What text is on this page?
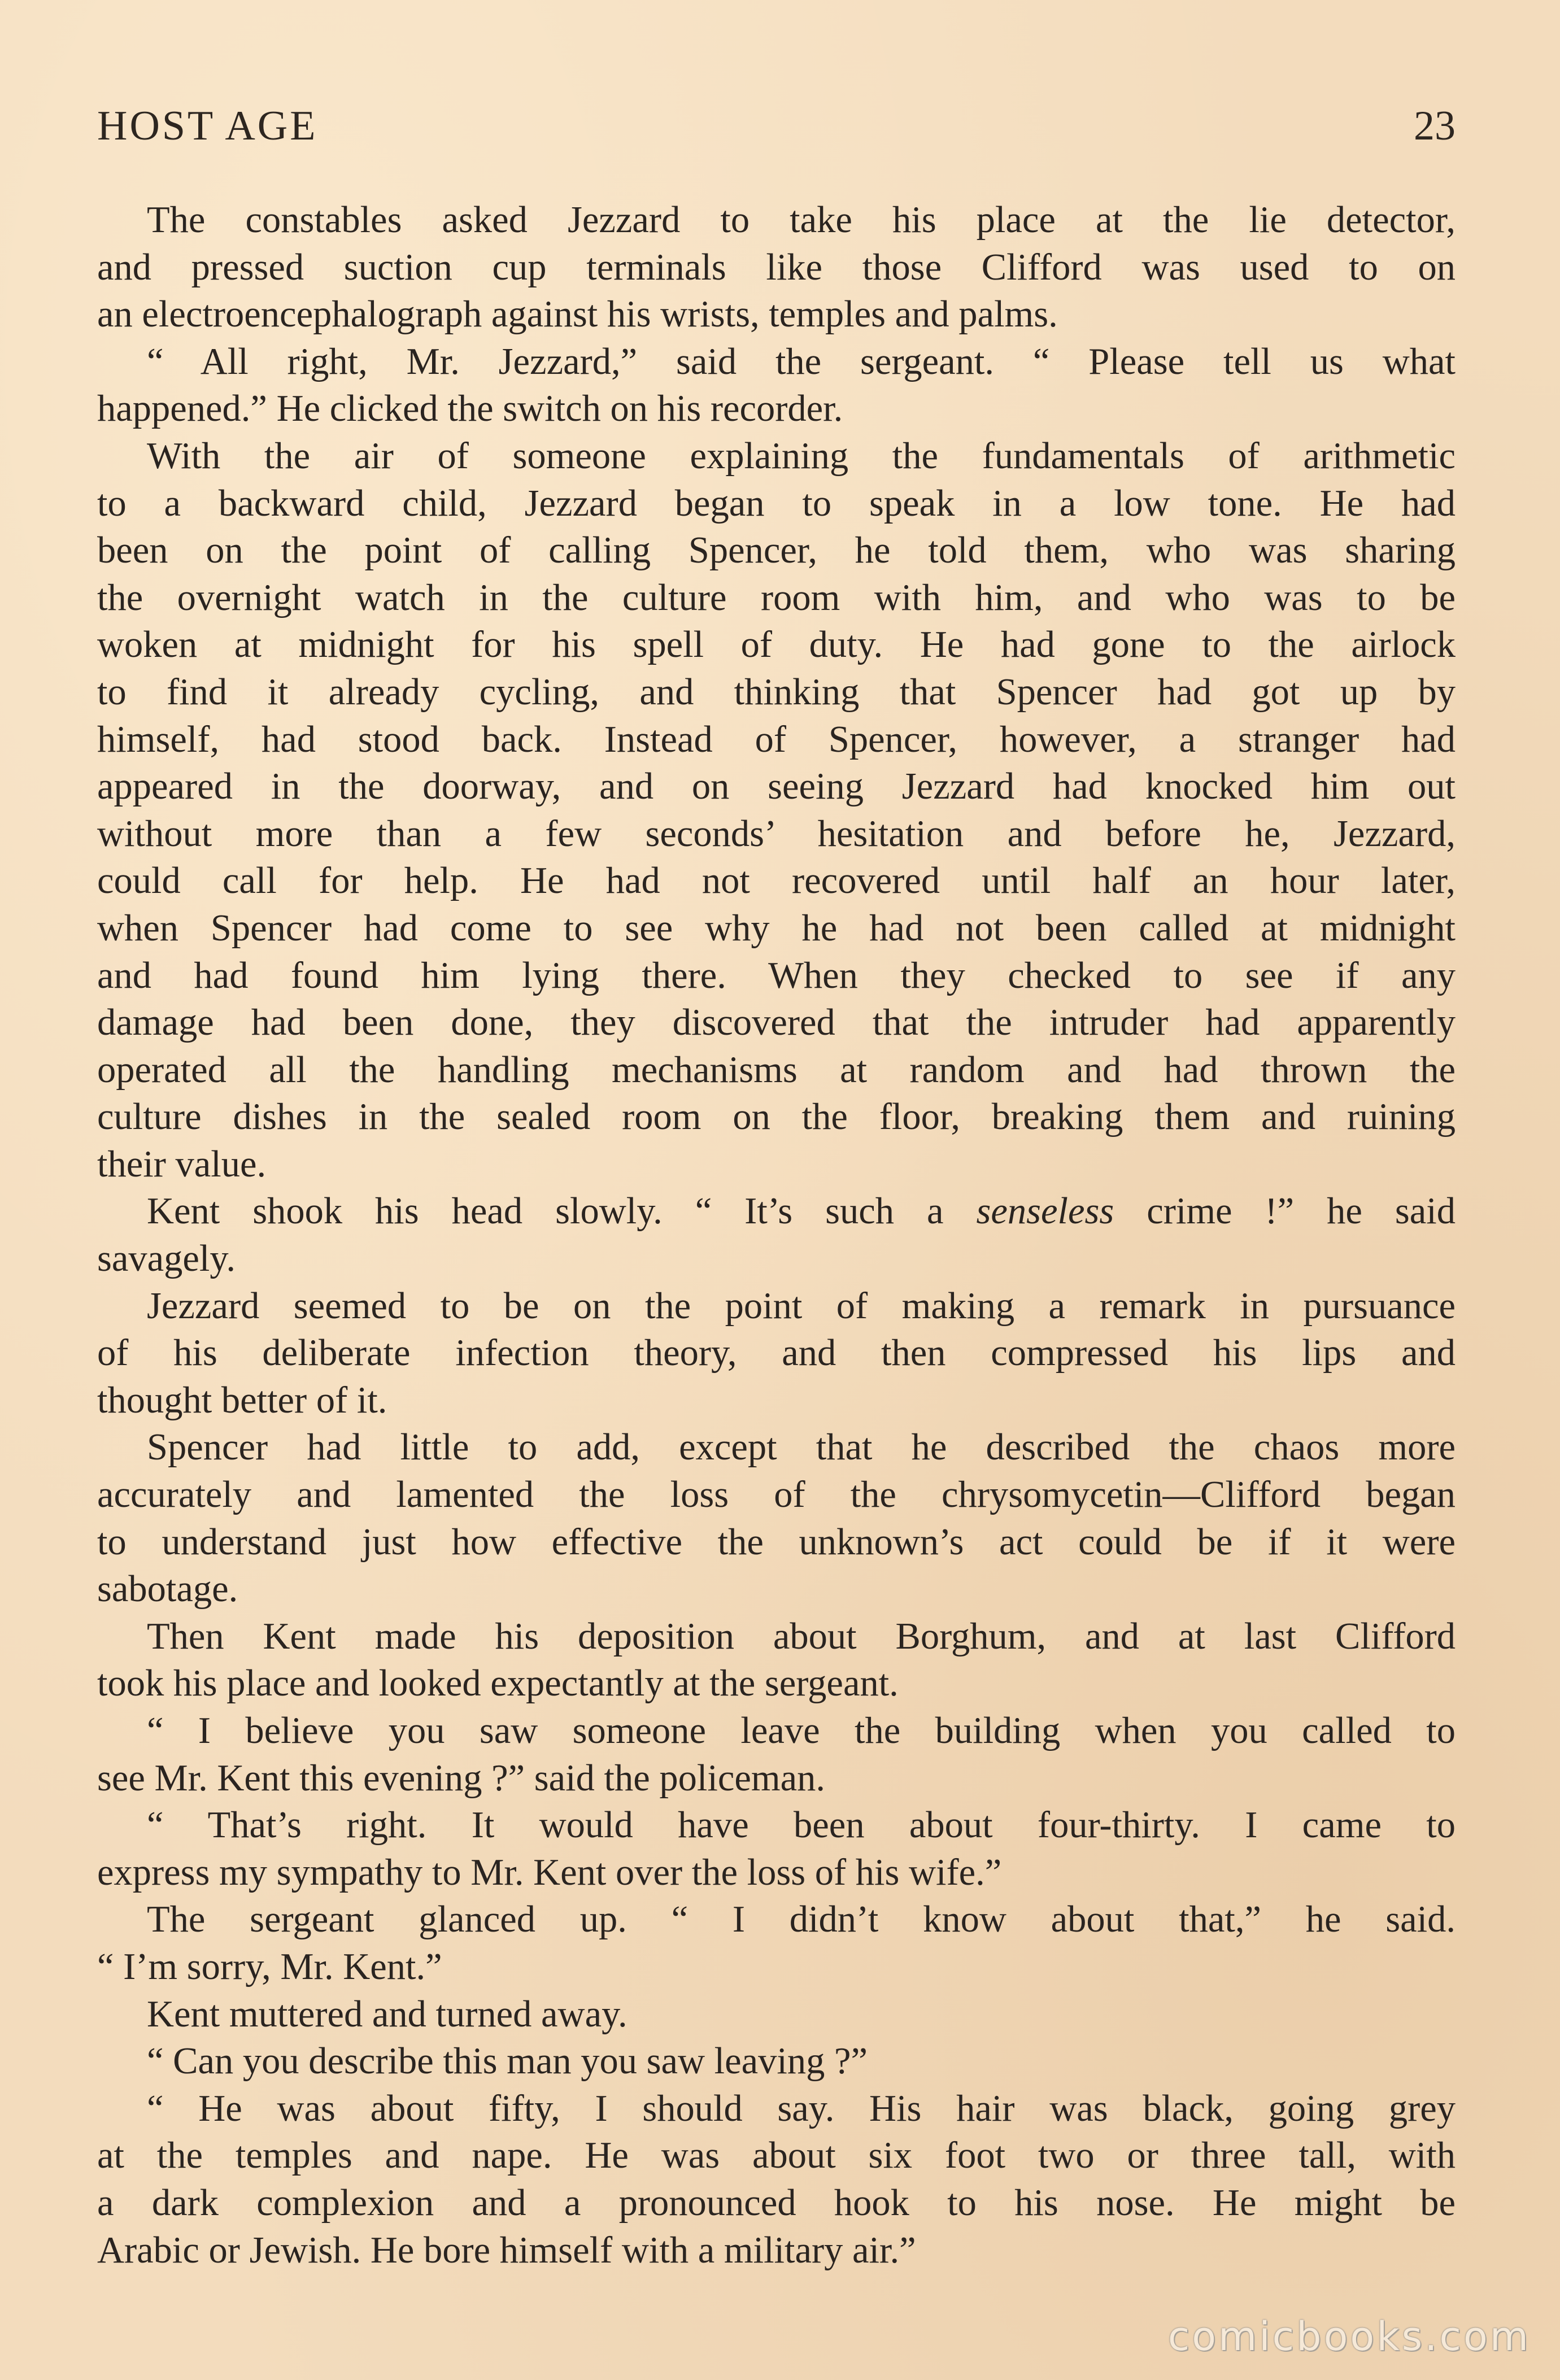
HOST AGE	23
The constables asked Jezzard to take his place at the lie detector,
and pressed suction cup terminals like those Clifford was used to on
an electroencephalograph against his wrists, temples and palms.
“ All right, Mr. Jezzard,” said the sergeant. “ Please tell us what
happened.” He clicked the switch on his recorder.
With the air of someone explaining the fundamentals of arithmetic
to a backward child, Jezzard began to speak in a low tone. He had
been on the point of calling Spencer, he told them, who was sharing
the overnight watch in the culture room with him, and who was to be
woken at midnight for his spell of duty. He had gone to the airlock
to find it already cycling, and thinking that Spencer had got up by
himself, had stood back. Instead of Spencer, however, a stranger had
appeared in the doorway, and on seeing Jezzard had knocked him out
without more than a few seconds’ hesitation and before he, Jezzard,
could call for help. He had not recovered until half an hour later,
when Spencer had come to see why he had not been called at midnight
and had found him lying there. When they checked to see if any
damage had been done, they discovered that the intruder had apparently
operated all the handling mechanisms at random and had thrown the
culture dishes in the sealed room on the floor, breaking them and ruining
their value.
Kent shook his head slowly. “ It’s such a senseless crime !” he said
savagely.
Jezzard seemed to be on the point of making a remark in pursuance
of his deliberate infection theory, and then compressed his lips and
thought better of it.
Spencer had little to add, except that he described the chaos more
accurately and lamented the loss of the chrysomycetin—Clifford began
to understand just how effective the unknown’s act could be if it were
sabotage.
Then Kent made his deposition about Borghum, and at last Clifford
took his place and looked expectantly at the sergeant.
“ I believe you saw someone leave the building when you called to
see Mr. Kent this evening ?” said the policeman.
“ That’s right. It would have been about four-thirty. I came to
express my sympathy to Mr. Kent over the loss of his wife.”
The sergeant glanced up. “ I didn’t know about that,” he said.
“ I’m sorry, Mr. Kent.”
Kent muttered and turned away.
“ Can you describe this man you saw leaving ?”
“ He was about fifty, I should say. His hair was black, going grey
at the temples and nape. He was about six foot two or three tall, with
a dark complexion and a pronounced hook to his nose. He might be
Arabic or Jewish. He bore himself with a military air.”
comicbooks.com
